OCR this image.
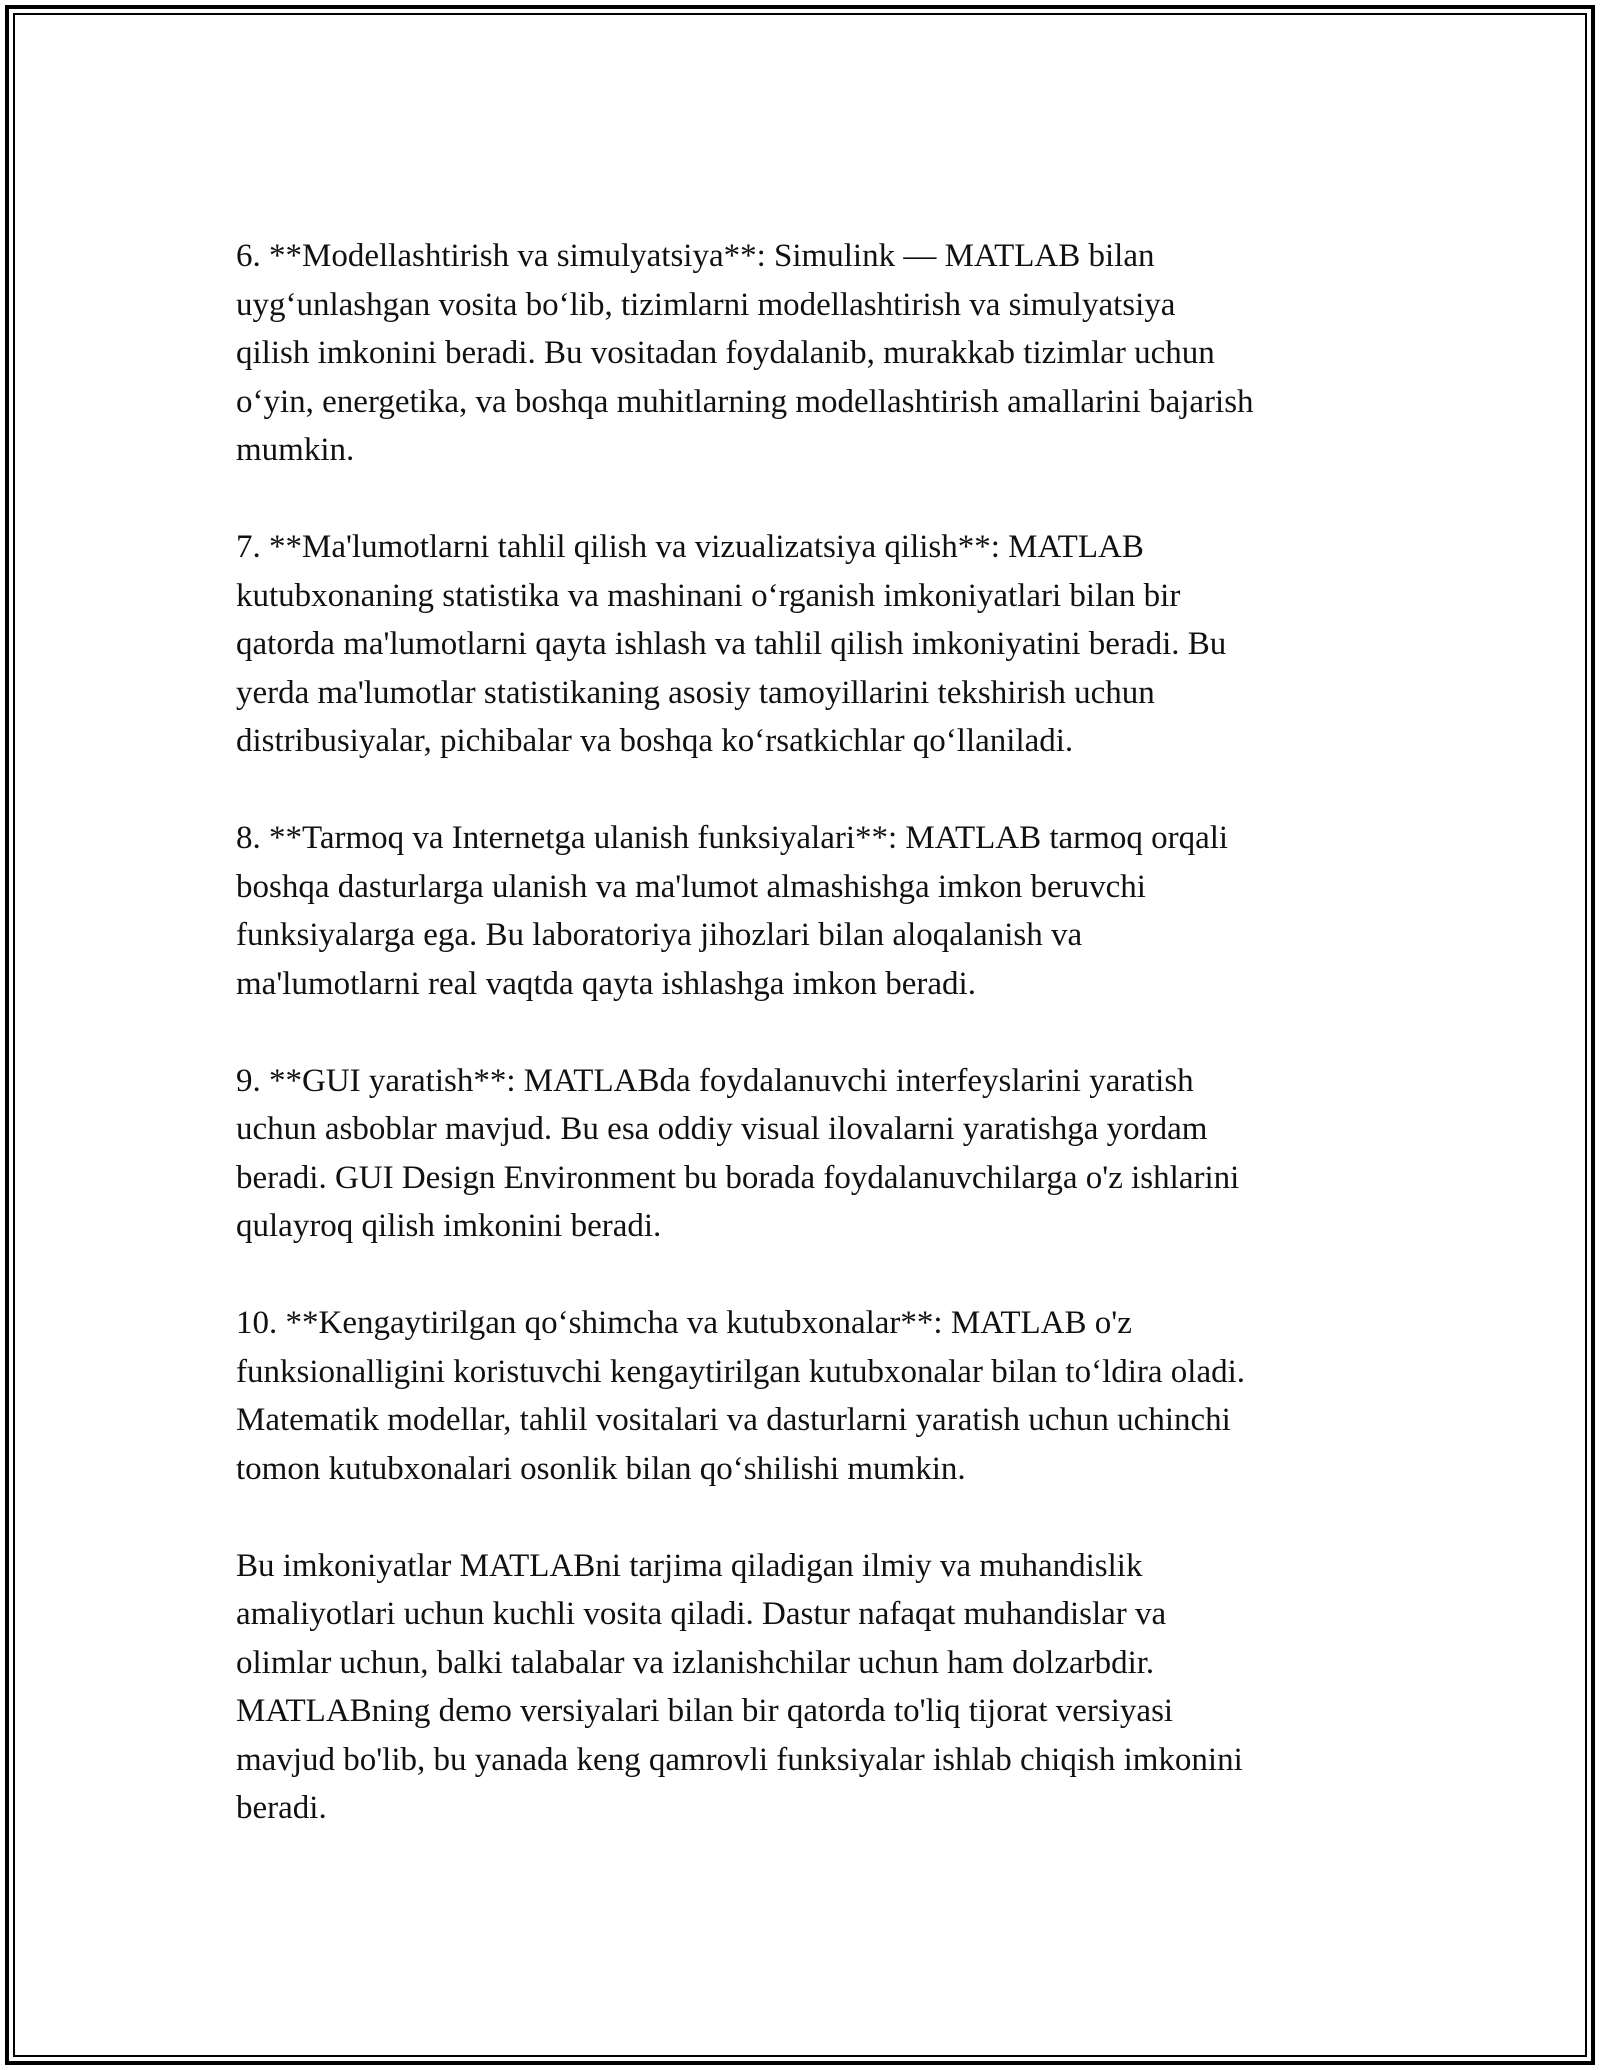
6. **Modellashtirish va simulyatsiya**: Simulink — MATLAB bilan
uyg‘unlashgan vosita bo‘lib, tizimlarni modellashtirish va simulyatsiya
qilish imkonini beradi. Bu vositadan foydalanib, murakkab tizimlar uchun
o‘yin, energetika, va boshqa muhitlarning modellashtirish amallarini bajarish
mumkin.

7. **Ma'lumotlarni tahlil qilish va vizualizatsiya qilish**: MATLAB
kutubxonaning statistika va mashinani o‘rganish imkoniyatlari bilan bir
qatorda ma'lumotlarni qayta ishlash va tahlil qilish imkoniyatini beradi. Bu
yerda ma'lumotlar statistikaning asosiy tamoyillarini tekshirish uchun
distribusiyalar, pichibalar va boshqa ko‘rsatkichlar qo‘llaniladi.

8. **Tarmoq va Internetga ulanish funksiyalari**: MATLAB tarmoq orqali
boshqa dasturlarga ulanish va ma'lumot almashishga imkon beruvchi
funksiyalarga ega. Bu laboratoriya jihozlari bilan aloqalanish va
ma'lumotlarni real vaqtda qayta ishlashga imkon beradi.

9. **GUI yaratish**: MATLABda foydalanuvchi interfeyslarini yaratish
uchun asboblar mavjud. Bu esa oddiy visual ilovalarni yaratishga yordam
beradi. GUI Design Environment bu borada foydalanuvchilarga o'z ishlarini
qulayroq qilish imkonini beradi.

10. **Kengaytirilgan qo‘shimcha va kutubxonalar**: MATLAB o'z
funksionalligini koristuvchi kengaytirilgan kutubxonalar bilan to‘ldira oladi.
Matematik modellar, tahlil vositalari va dasturlarni yaratish uchun uchinchi
tomon kutubxonalari osonlik bilan qo‘shilishi mumkin.

Bu imkoniyatlar MATLABni tarjima qiladigan ilmiy va muhandislik
amaliyotlari uchun kuchli vosita qiladi. Dastur nafaqat muhandislar va
olimlar uchun, balki talabalar va izlanishchilar uchun ham dolzarbdir.
MATLABning demo versiyalari bilan bir qatorda to'liq tijorat versiyasi
mavjud bo'lib, bu yanada keng qamrovli funksiyalar ishlab chiqish imkonini
beradi.
